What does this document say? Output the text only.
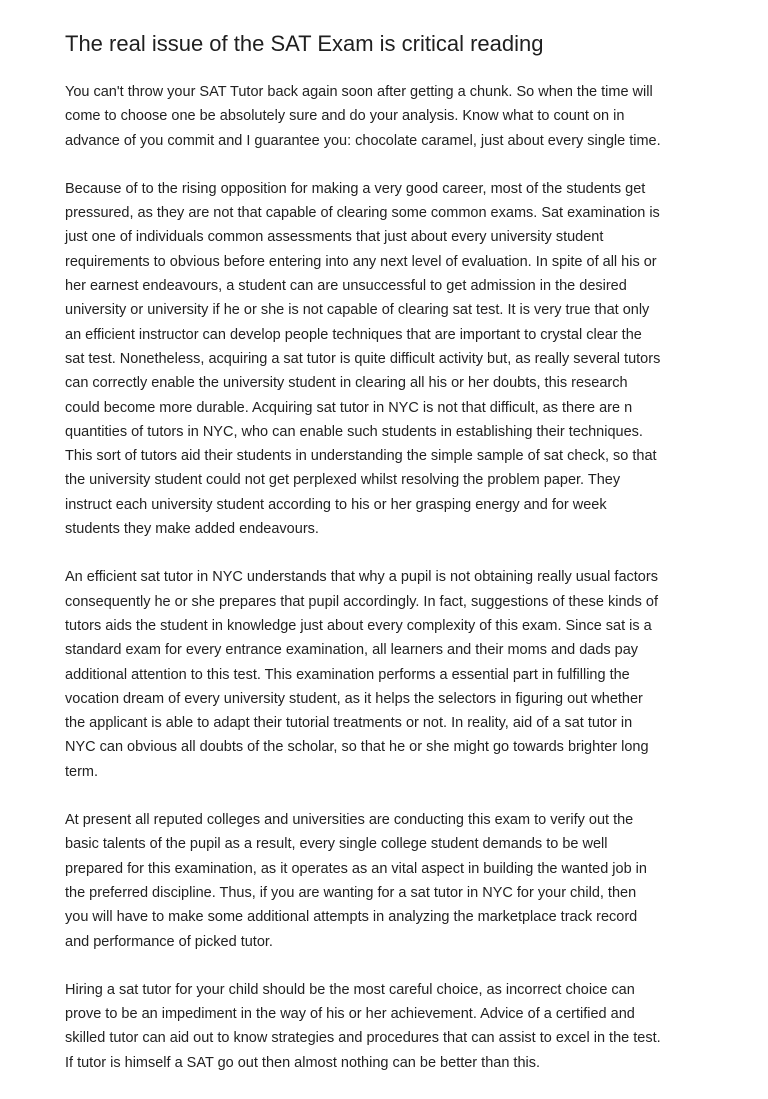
The real issue of the SAT Exam is critical reading

You can't throw your SAT Tutor back again soon after getting a chunk. So when the time will
come to choose one be absolutely sure and do your analysis. Know what to count on in
advance of you commit and I guarantee you: chocolate caramel, just about every single time.

Because of to the rising opposition for making a very good career, most of the students get
pressured, as they are not that capable of clearing some common exams. Sat examination is
just one of individuals common assessments that just about every university student
requirements to obvious before entering into any next level of evaluation. In spite of all his or
her earnest endeavours, a student can are unsuccessful to get admission in the desired
university or university if he or she is not capable of clearing sat test. It is very true that only
an efficient instructor can develop people techniques that are important to crystal clear the
sat test. Nonetheless, acquiring a sat tutor is quite difficult activity but, as really several tutors
can correctly enable the university student in clearing all his or her doubts, this research
could become more durable. Acquiring sat tutor in NYC is not that difficult, as there are n
quantities of tutors in NYC, who can enable such students in establishing their techniques.
This sort of tutors aid their students in understanding the simple sample of sat check, so that
the university student could not get perplexed whilst resolving the problem paper. They
instruct each university student according to his or her grasping energy and for week
students they make added endeavours.

An efficient sat tutor in NYC understands that why a pupil is not obtaining really usual factors
consequently he or she prepares that pupil accordingly. In fact, suggestions of these kinds of
tutors aids the student in knowledge just about every complexity of this exam. Since sat is a
standard exam for every entrance examination, all learners and their moms and dads pay
additional attention to this test. This examination performs a essential part in fulfilling the
vocation dream of every university student, as it helps the selectors in figuring out whether
the applicant is able to adapt their tutorial treatments or not. In reality, aid of a sat tutor in
NYC can obvious all doubts of the scholar, so that he or she might go towards brighter long
term.

At present all reputed colleges and universities are conducting this exam to verify out the
basic talents of the pupil as a result, every single college student demands to be well
prepared for this examination, as it operates as an vital aspect in building the wanted job in
the preferred discipline. Thus, if you are wanting for a sat tutor in NYC for your child, then
you will have to make some additional attempts in analyzing the marketplace track record
and performance of picked tutor.

Hiring a sat tutor for your child should be the most careful choice, as incorrect choice can
prove to be an impediment in the way of his or her achievement. Advice of a certified and
skilled tutor can aid out to know strategies and procedures that can assist to excel in the test.
If tutor is himself a SAT go out then almost nothing can be better than this.
